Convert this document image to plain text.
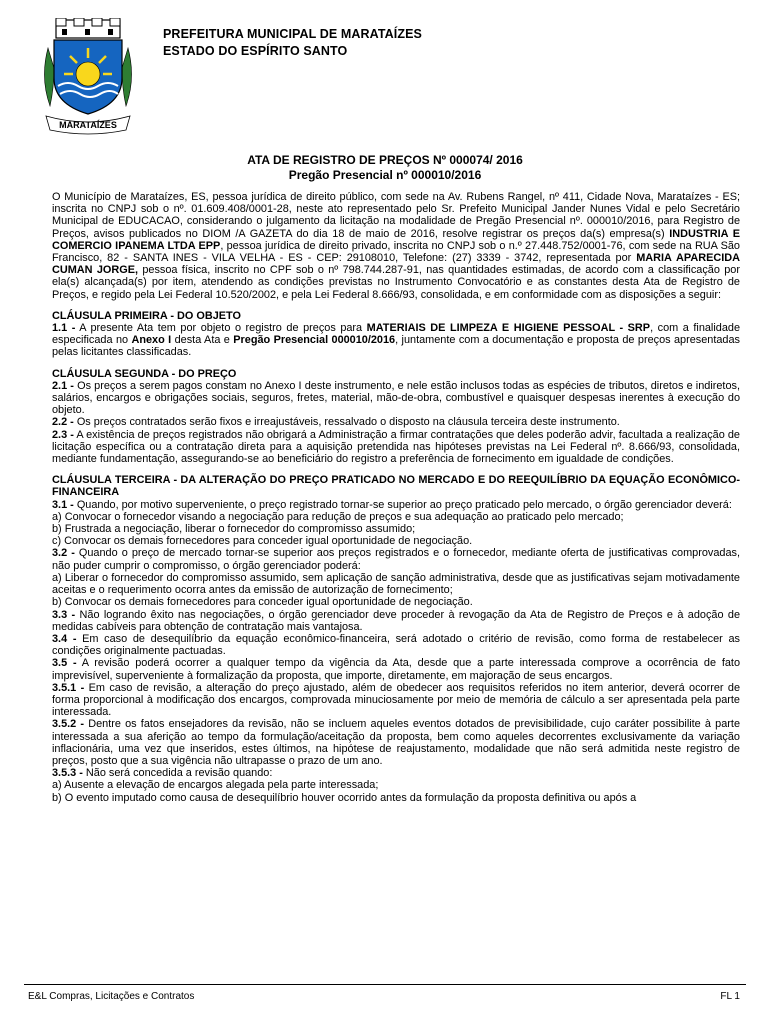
MARATAÍZES
PREFEITURA MUNICIPAL DE MARATAÍZES
ESTADO DO ESPÍRITO SANTO
ATA DE REGISTRO DE PREÇOS Nº 000074/ 2016
Pregão Presencial nº 000010/2016

O Município de Marataízes, ES, pessoa jurídica de direito público, com sede na Av. Rubens Rangel, nº 411, Cidade Nova, Marataízes - ES; inscrita no CNPJ sob o nº. 01.609.408/0001-28, neste ato representado pelo Sr. Prefeito Municipal Jander Nunes Vidal e pelo Secretário Municipal de EDUCACAO, considerando o julgamento da licitação na modalidade de Pregão Presencial nº. 000010/2016, para Registro de Preços, avisos publicados no DIOM /A GAZETA do dia 18 de maio de 2016, resolve registrar os preços da(s) empresa(s) INDUSTRIA E COMERCIO IPANEMA LTDA EPP, pessoa jurídica de direito privado, inscrita no CNPJ sob o n.º 27.448.752/0001-76, com sede na RUA São Francisco, 82 - SANTA INES - VILA VELHA - ES - CEP: 29108010, Telefone: (27) 3339 - 3742, representada por MARIA APARECIDA CUMAN JORGE, pessoa física, inscrito no CPF sob o nº 798.744.287-91, nas quantidades estimadas, de acordo com a classificação por ela(s) alcançada(s) por item, atendendo as condições previstas no Instrumento Convocatório e as constantes desta Ata de Registro de Preços, e regido pela Lei Federal 10.520/2002, e pela Lei Federal 8.666/93, consolidada, e em conformidade com as disposições a seguir:

CLÁUSULA PRIMEIRA - DO OBJETO

1.1 - A presente Ata tem por objeto o registro de preços para MATERIAIS DE LIMPEZA E HIGIENE PESSOAL - SRP, com a finalidade especificada no Anexo I desta Ata e Pregão Presencial 000010/2016, juntamente com a documentação e proposta de preços apresentadas pelas licitantes classificadas.

CLÁUSULA SEGUNDA - DO PREÇO

2.1 - Os preços a serem pagos constam no Anexo I deste instrumento, e nele estão inclusos todas as espécies de tributos, diretos e indiretos, salários, encargos e obrigações sociais, seguros, fretes, material, mão-de-obra, combustível e quaisquer despesas inerentes à execução do objeto.

2.2 - Os preços contratados serão fixos e irreajustáveis, ressalvado o disposto na cláusula terceira deste instrumento.

2.3 - A existência de preços registrados não obrigará a Administração a firmar contratações que deles poderão advir, facultada a realização de licitação específica ou a contratação direta para a aquisição pretendida nas hipóteses previstas na Lei Federal nº. 8.666/93, consolidada, mediante fundamentação, assegurando-se ao beneficiário do registro a preferência de fornecimento em igualdade de condições.

CLÁUSULA TERCEIRA - DA ALTERAÇÃO DO PREÇO PRATICADO NO MERCADO E DO REEQUILÍBRIO DA EQUAÇÃO ECONÔMICO-FINANCEIRA

3.1 - Quando, por motivo superveniente, o preço registrado tornar-se superior ao preço praticado pelo mercado, o órgão gerenciador deverá:

a) Convocar o fornecedor visando a negociação para redução de preços e sua adequação ao praticado pelo mercado;

b) Frustrada a negociação, liberar o fornecedor do compromisso assumido;

c) Convocar os demais fornecedores para conceder igual oportunidade de negociação.

3.2 - Quando o preço de mercado tornar-se superior aos preços registrados e o fornecedor, mediante oferta de justificativas comprovadas, não puder cumprir o compromisso, o órgão gerenciador poderá:

a) Liberar o fornecedor do compromisso assumido, sem aplicação de sanção administrativa, desde que as justificativas sejam motivadamente aceitas e o requerimento ocorra antes da emissão de autorização de fornecimento;

b) Convocar os demais fornecedores para conceder igual oportunidade de negociação.

3.3 - Não logrando êxito nas negociações, o órgão gerenciador deve proceder à revogação da Ata de Registro de Preços e à adoção de medidas cabíveis para obtenção de contratação mais vantajosa.

3.4 - Em caso de desequilíbrio da equação econômico-financeira, será adotado o critério de revisão, como forma de restabelecer as condições originalmente pactuadas.

3.5 - A revisão poderá ocorrer a qualquer tempo da vigência da Ata, desde que a parte interessada comprove a ocorrência de fato imprevisível, superveniente à formalização da proposta, que importe, diretamente, em majoração de seus encargos.

3.5.1 - Em caso de revisão, a alteração do preço ajustado, além de obedecer aos requisitos referidos no item anterior, deverá ocorrer de forma proporcional à modificação dos encargos, comprovada minuciosamente por meio de memória de cálculo a ser apresentada pela parte interessada.

3.5.2 - Dentre os fatos ensejadores da revisão, não se incluem aqueles eventos dotados de previsibilidade, cujo caráter possibilite à parte interessada a sua aferição ao tempo da formulação/aceitação da proposta, bem como aqueles decorrentes exclusivamente da variação inflacionária, uma vez que inseridos, estes últimos, na hipótese de reajustamento, modalidade que não será admitida neste registro de preços, posto que a sua vigência não ultrapasse o prazo de um ano.

3.5.3 - Não será concedida a revisão quando:

a) Ausente a elevação de encargos alegada pela parte interessada;

b) O evento imputado como causa de desequilíbrio houver ocorrido antes da formulação da proposta definitiva ou após a

E&L Compras, Licitações e Contratos	FL 1
